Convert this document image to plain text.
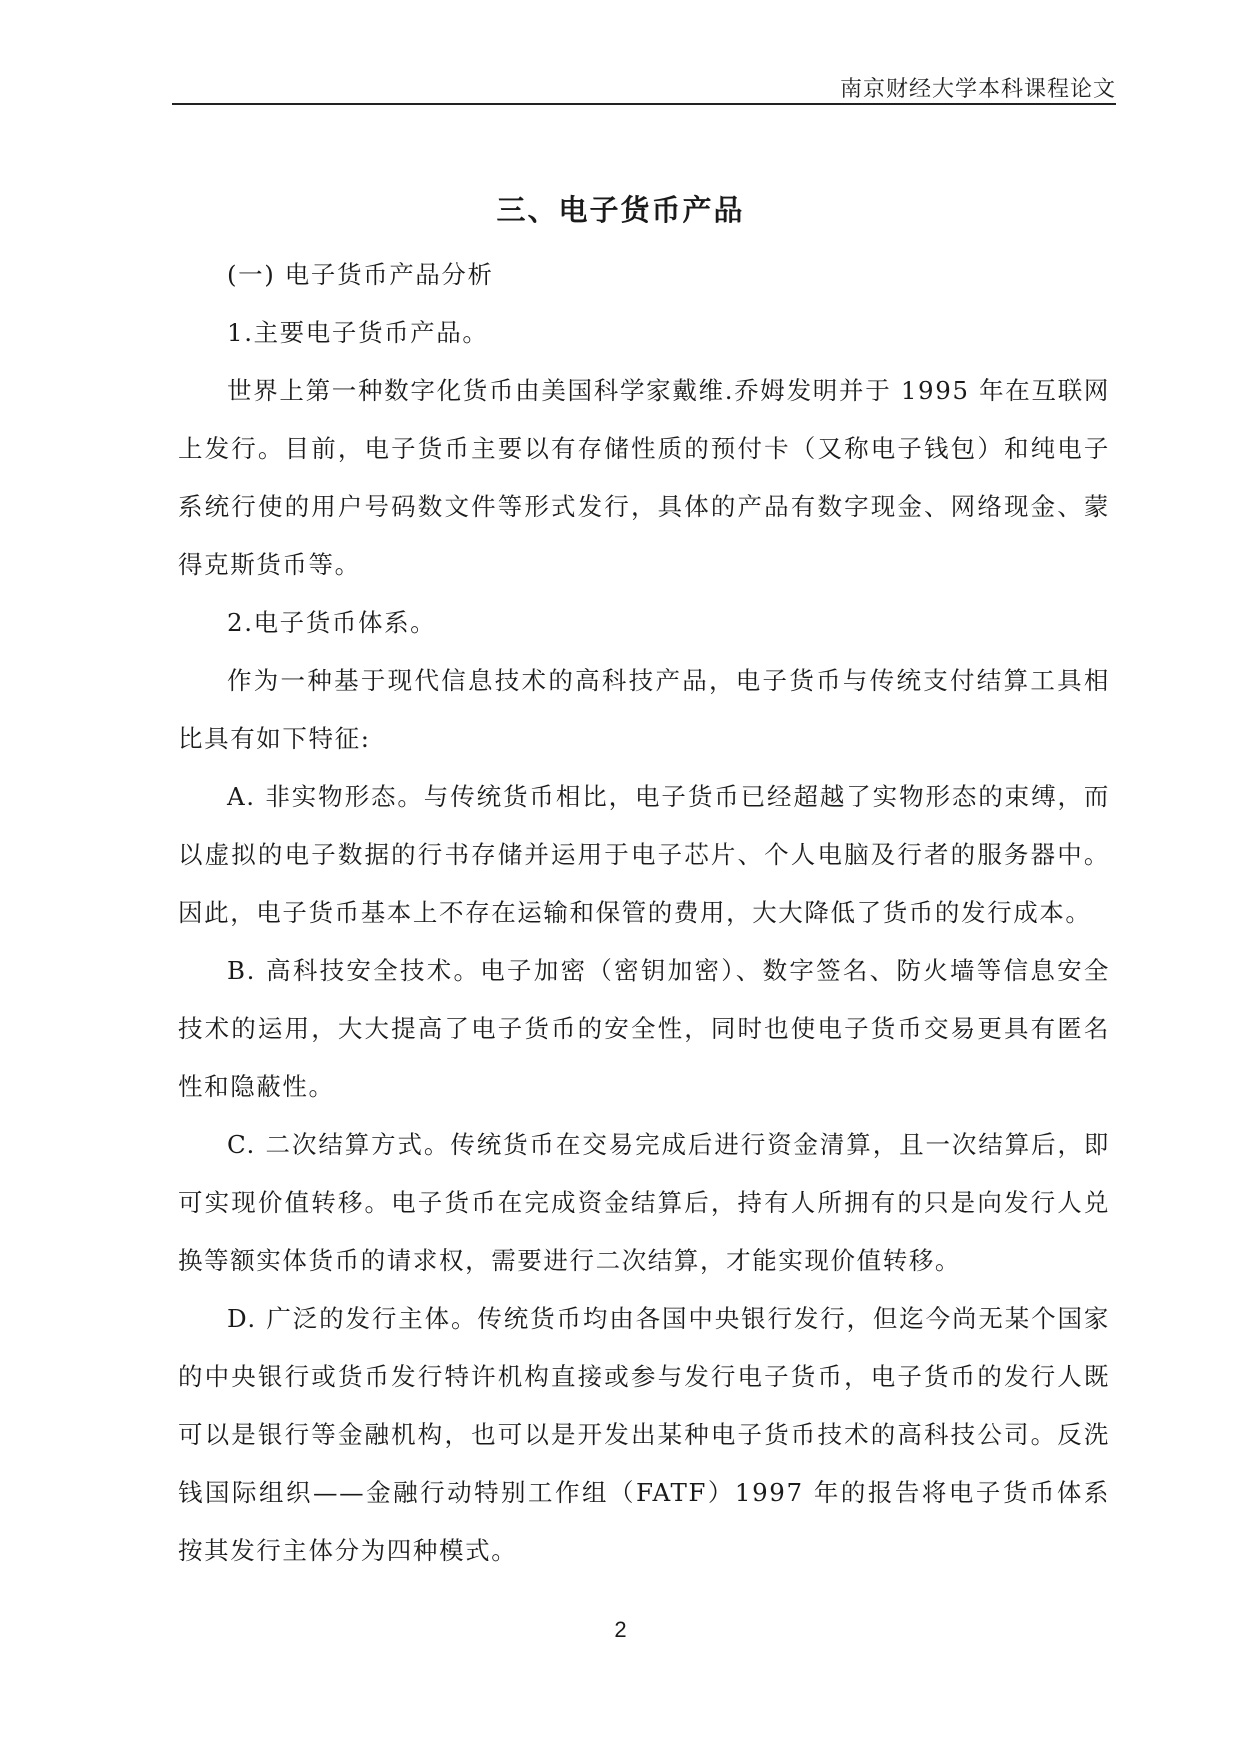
南京财经大学本科课程论文
三、电子货币产品

(一) 电子货币产品分析

1.主要电子货币产品。

世界上第一种数字化货币由美国科学家戴维.乔姆发明并于 1995 年在互联网上发行。目前，电子货币主要以有存储性质的预付卡（又称电子钱包）和纯电子系统行使的用户号码数文件等形式发行，具体的产品有数字现金、网络现金、蒙得克斯货币等。

2.电子货币体系。

作为一种基于现代信息技术的高科技产品，电子货币与传统支付结算工具相比具有如下特征:

A. 非实物形态。与传统货币相比，电子货币已经超越了实物形态的束缚，而以虚拟的电子数据的行书存储并运用于电子芯片、个人电脑及行者的服务器中。因此，电子货币基本上不存在运输和保管的费用，大大降低了货币的发行成本。

B. 高科技安全技术。电子加密（密钥加密）、数字签名、防火墙等信息安全技术的运用，大大提高了电子货币的安全性，同时也使电子货币交易更具有匿名性和隐蔽性。

C. 二次结算方式。传统货币在交易完成后进行资金清算，且一次结算后，即可实现价值转移。电子货币在完成资金结算后，持有人所拥有的只是向发行人兑换等额实体货币的请求权，需要进行二次结算，才能实现价值转移。

D. 广泛的发行主体。传统货币均由各国中央银行发行，但迄今尚无某个国家的中央银行或货币发行特许机构直接或参与发行电子货币，电子货币的发行人既可以是银行等金融机构，也可以是开发出某种电子货币技术的高科技公司。反洗钱国际组织——金融行动特别工作组（FATF）1997 年的报告将电子货币体系按其发行主体分为四种模式。

2
